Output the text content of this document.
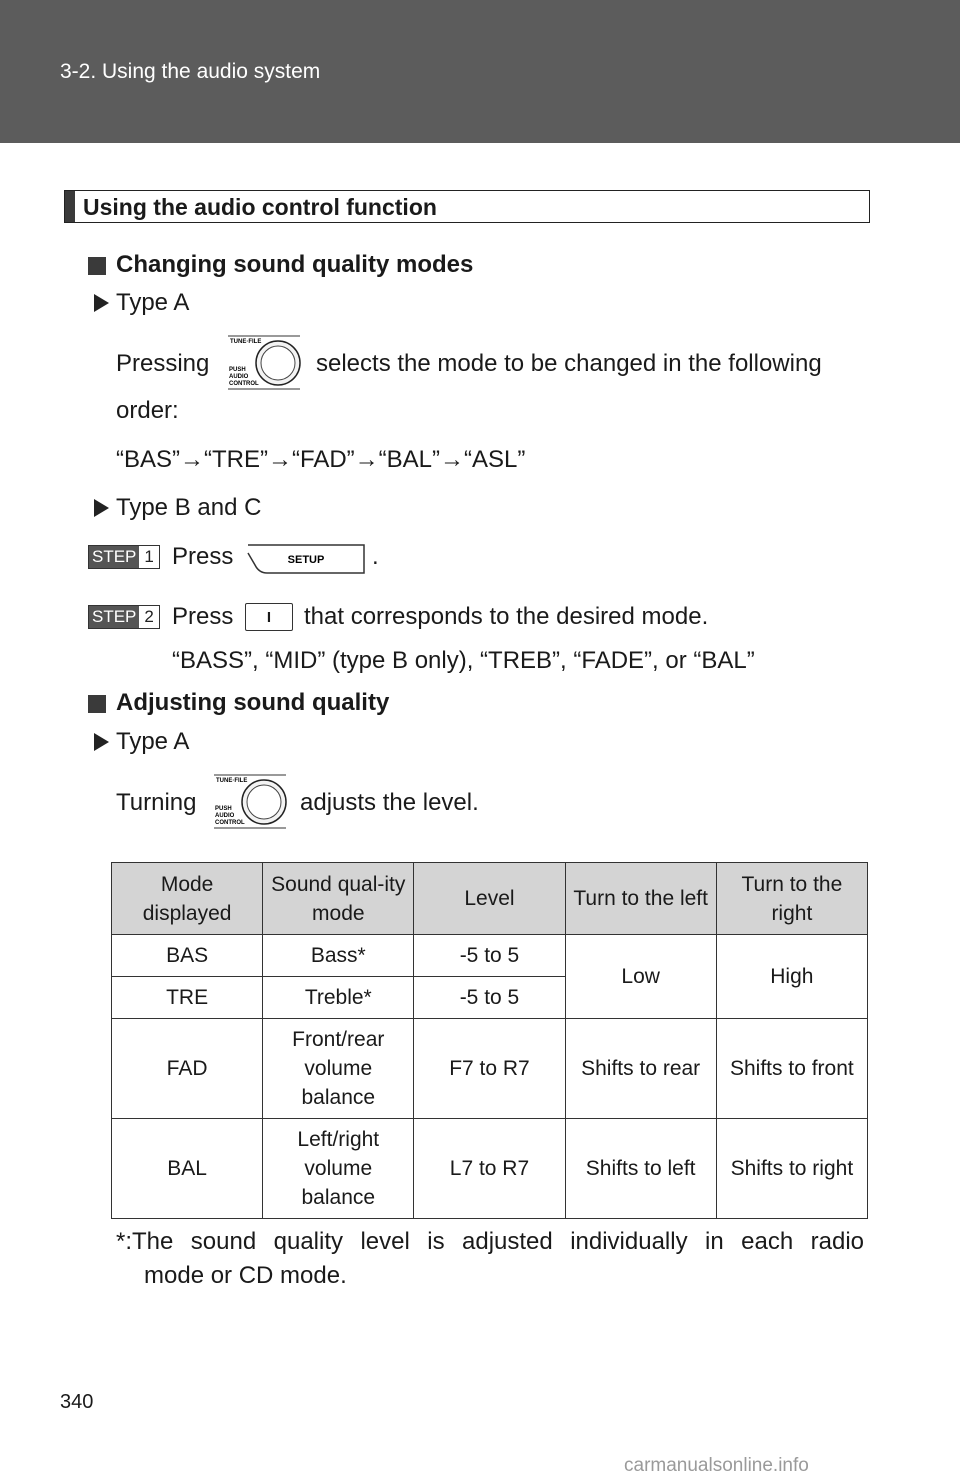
3-2. Using the audio system
Using the audio control function
Changing sound quality modes
Type A
Pressing
TUNE·FILE
PUSH
AUDIO
CONTROL
selects the mode to be changed in the following
order:
“BAS”→“TRE”→“FAD”→“BAL”→“ASL”
Type B and C
STEP 1 Press	SETUP .
STEP 2 Press I that corresponds to the desired mode.
“BASS”, “MID” (type B only), “TREB”, “FADE”, or “BAL”
Adjusting sound quality
Type A
Turning
TUNE·FILE
PUSH
AUDIO
CONTROL
adjusts the level.
Mode displayed	Sound qual-ity mode	Level	Turn to the left	Turn to the right
BAS	Bass*	-5 to 5	Low	High
TRE	Treble*	-5 to 5		
FAD	Front/rear volume balance	F7 to R7	Shifts to rear	Shifts to front
BAL	Left/right volume balance	L7 to R7	Shifts to left	Shifts to right
*:The sound quality level is adjusted individually in each radio
mode or CD mode.
340
carmanualsonline.info
